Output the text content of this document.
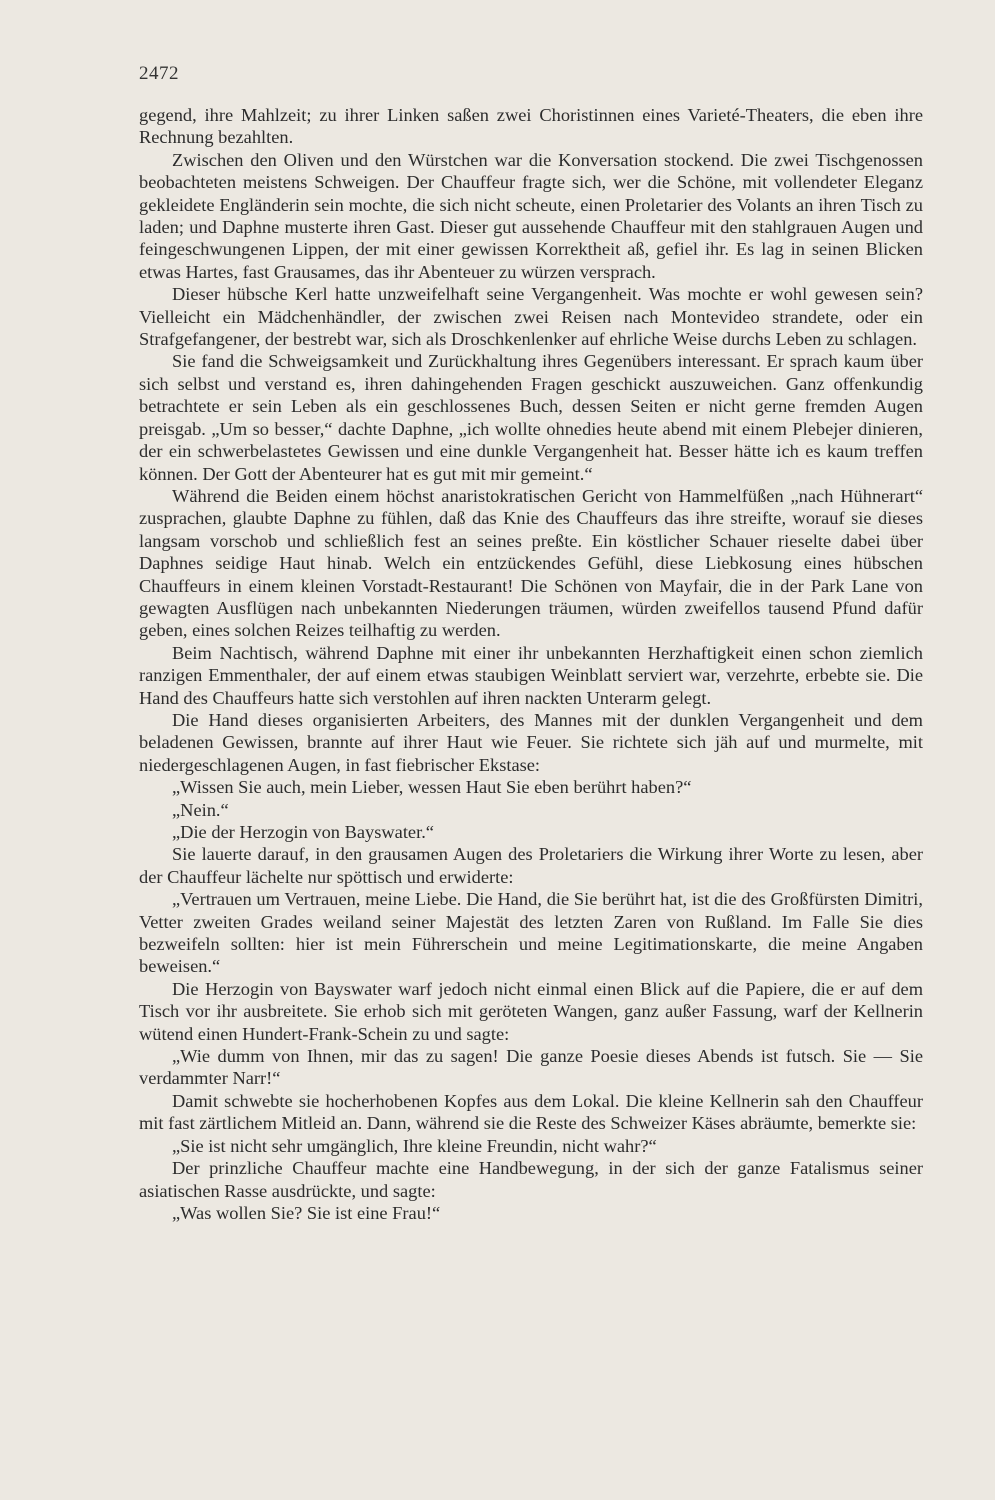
2472

gegend, ihre Mahlzeit; zu ihrer Linken saßen zwei Choristinnen eines Varieté-Theaters, die eben ihre Rechnung bezahlten.

Zwischen den Oliven und den Würstchen war die Konversation stockend. Die zwei Tischgenossen beobachteten meistens Schweigen. Der Chauffeur fragte sich, wer die Schöne, mit vollendeter Eleganz gekleidete Engländerin sein mochte, die sich nicht scheute, einen Proletarier des Volants an ihren Tisch zu laden; und Daphne musterte ihren Gast. Dieser gut aussehende Chauffeur mit den stahlgrauen Augen und feingeschwungenen Lippen, der mit einer gewissen Korrektheit aß, gefiel ihr. Es lag in seinen Blicken etwas Hartes, fast Grausames, das ihr Abenteuer zu würzen versprach.

Dieser hübsche Kerl hatte unzweifelhaft seine Vergangenheit. Was mochte er wohl gewesen sein? Vielleicht ein Mädchenhändler, der zwischen zwei Reisen nach Montevideo strandete, oder ein Strafgefangener, der bestrebt war, sich als Droschkenlenker auf ehrliche Weise durchs Leben zu schlagen.

Sie fand die Schweigsamkeit und Zurückhaltung ihres Gegenübers interessant. Er sprach kaum über sich selbst und verstand es, ihren dahingehenden Fragen geschickt auszuweichen. Ganz offenkundig betrachtete er sein Leben als ein geschlossenes Buch, dessen Seiten er nicht gerne fremden Augen preisgab. „Um so besser,“ dachte Daphne, „ich wollte ohnedies heute abend mit einem Plebejer dinieren, der ein schwerbelastetes Gewissen und eine dunkle Vergangenheit hat. Besser hätte ich es kaum treffen können. Der Gott der Abenteurer hat es gut mit mir gemeint.“

Während die Beiden einem höchst anaristokratischen Gericht von Hammelfüßen „nach Hühnerart“ zusprachen, glaubte Daphne zu fühlen, daß das Knie des Chauffeurs das ihre streifte, worauf sie dieses langsam vorschob und schließlich fest an seines preßte. Ein köstlicher Schauer rieselte dabei über Daphnes seidige Haut hinab. Welch ein entzückendes Gefühl, diese Liebkosung eines hübschen Chauffeurs in einem kleinen Vorstadt-Restaurant! Die Schönen von Mayfair, die in der Park Lane von gewagten Ausflügen nach unbekannten Niederungen träumen, würden zweifellos tausend Pfund dafür geben, eines solchen Reizes teilhaftig zu werden.

Beim Nachtisch, während Daphne mit einer ihr unbekannten Herzhaftigkeit einen schon ziemlich ranzigen Emmenthaler, der auf einem etwas staubigen Weinblatt serviert war, verzehrte, erbebte sie. Die Hand des Chauffeurs hatte sich verstohlen auf ihren nackten Unterarm gelegt.

Die Hand dieses organisierten Arbeiters, des Mannes mit der dunklen Vergangenheit und dem beladenen Gewissen, brannte auf ihrer Haut wie Feuer. Sie richtete sich jäh auf und murmelte, mit niedergeschlagenen Augen, in fast fiebrischer Ekstase:

„Wissen Sie auch, mein Lieber, wessen Haut Sie eben berührt haben?“

„Nein.“

„Die der Herzogin von Bayswater.“

Sie lauerte darauf, in den grausamen Augen des Proletariers die Wirkung ihrer Worte zu lesen, aber der Chauffeur lächelte nur spöttisch und erwiderte:

„Vertrauen um Vertrauen, meine Liebe. Die Hand, die Sie berührt hat, ist die des Großfürsten Dimitri, Vetter zweiten Grades weiland seiner Majestät des letzten Zaren von Rußland. Im Falle Sie dies bezweifeln sollten: hier ist mein Führerschein und meine Legitimationskarte, die meine Angaben beweisen.“

Die Herzogin von Bayswater warf jedoch nicht einmal einen Blick auf die Papiere, die er auf dem Tisch vor ihr ausbreitete. Sie erhob sich mit geröteten Wangen, ganz außer Fassung, warf der Kellnerin wütend einen Hundert-Frank-Schein zu und sagte:

„Wie dumm von Ihnen, mir das zu sagen! Die ganze Poesie dieses Abends ist futsch. Sie — Sie verdammter Narr!“

Damit schwebte sie hocherhobenen Kopfes aus dem Lokal. Die kleine Kellnerin sah den Chauffeur mit fast zärtlichem Mitleid an. Dann, während sie die Reste des Schweizer Käses abräumte, bemerkte sie:

„Sie ist nicht sehr umgänglich, Ihre kleine Freundin, nicht wahr?“

Der prinzliche Chauffeur machte eine Handbewegung, in der sich der ganze Fatalismus seiner asiatischen Rasse ausdrückte, und sagte:

„Was wollen Sie? Sie ist eine Frau!“
